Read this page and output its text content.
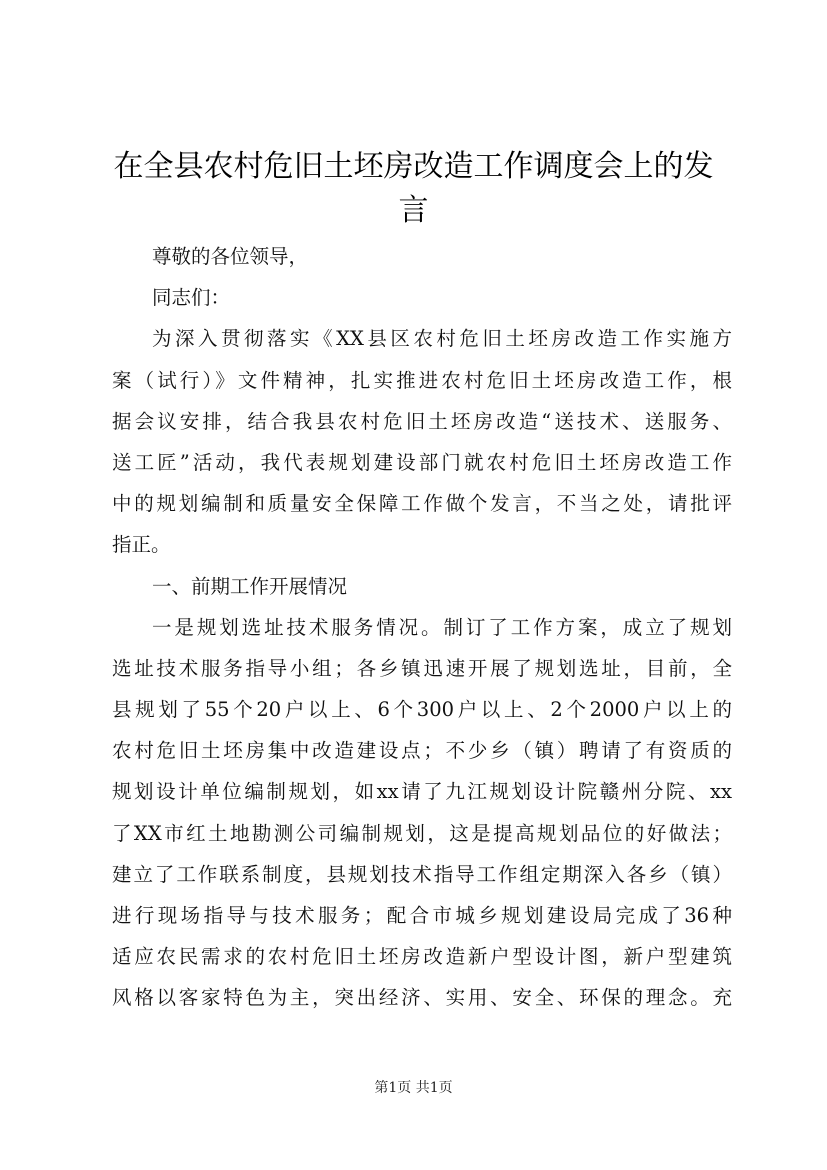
在全县农村危旧土坯房改造工作调度会上的发
言
尊敬的各位领导，
同志们：
为深入贯彻落实《XX县区农村危旧土坯房改造工作实施方
案（试行）》文件精神，扎实推进农村危旧土坯房改造工作，根
据会议安排，结合我县农村危旧土坯房改造“送技术、送服务、
送工匠”活动，我代表规划建设部门就农村危旧土坯房改造工作
中的规划编制和质量安全保障工作做个发言，不当之处，请批评
指正。
一、前期工作开展情况
一是规划选址技术服务情况。制订了工作方案，成立了规划
选址技术服务指导小组；各乡镇迅速开展了规划选址，目前，全
县规划了55个20户以上、6个300户以上、2个2000户以上的
农村危旧土坯房集中改造建设点；不少乡（镇）聘请了有资质的
规划设计单位编制规划，如xx请了九江规划设计院赣州分院、xx
了XX市红土地勘测公司编制规划，这是提高规划品位的好做法；
建立了工作联系制度，县规划技术指导工作组定期深入各乡（镇）
进行现场指导与技术服务；配合市城乡规划建设局完成了36种
适应农民需求的农村危旧土坯房改造新户型设计图，新户型建筑
风格以客家特色为主，突出经济、实用、安全、环保的理念。充
第1页 共1页
